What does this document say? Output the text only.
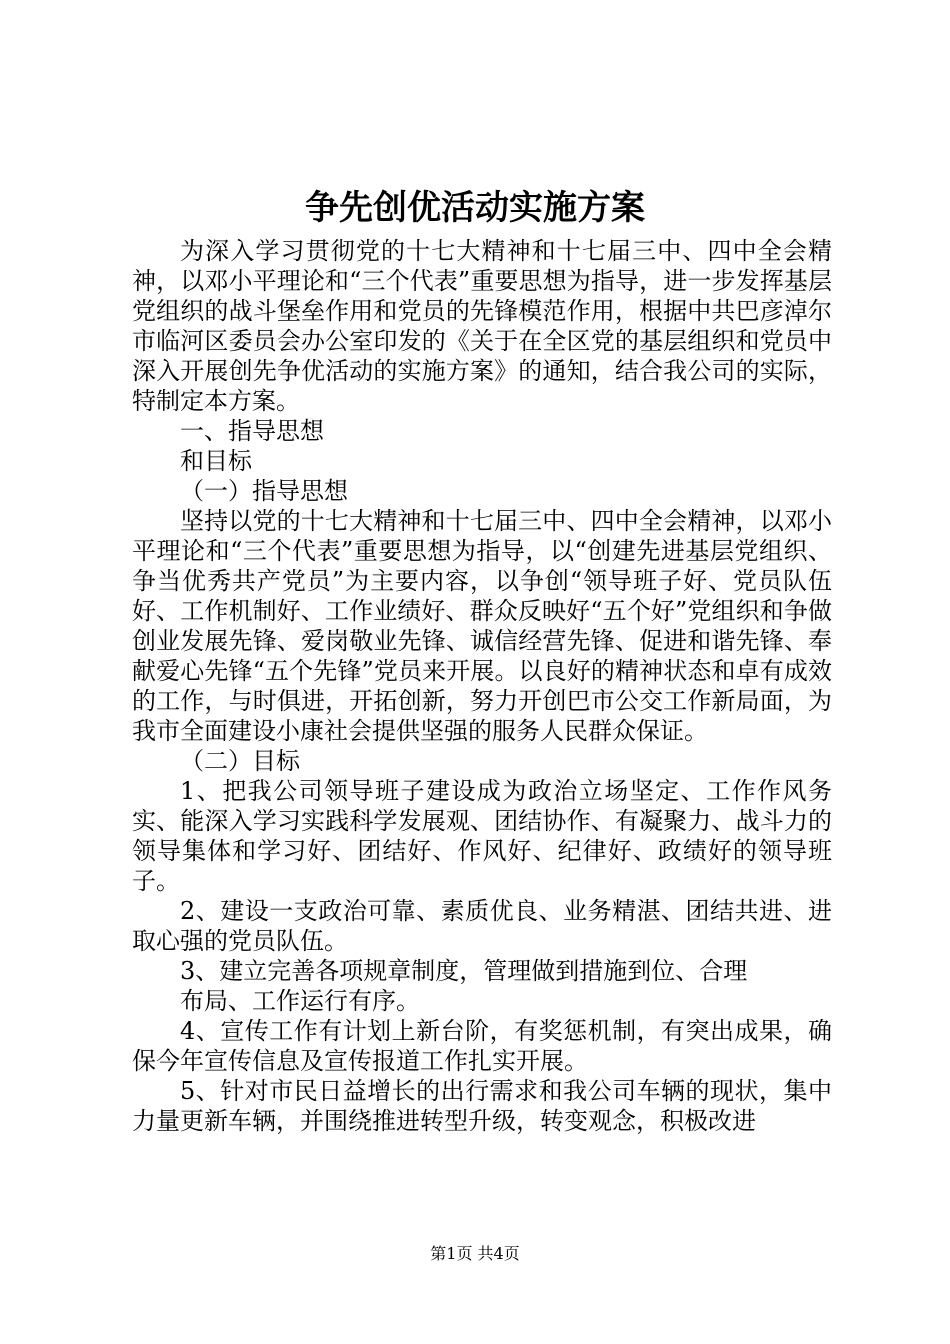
争先创优活动实施方案

为深入学习贯彻党的十七大精神和十七届三中、四中全会精神，以邓小平理论和“三个代表”重要思想为指导，进一步发挥基层党组织的战斗堡垒作用和党员的先锋模范作用，根据中共巴彦淖尔市临河区委员会办公室印发的《关于在全区党的基层组织和党员中深入开展创先争优活动的实施方案》的通知，结合我公司的实际，特制定本方案。

一、指导思想

和目标

（一）指导思想

坚持以党的十七大精神和十七届三中、四中全会精神，以邓小平理论和“三个代表”重要思想为指导，以“创建先进基层党组织、争当优秀共产党员”为主要内容，以争创“领导班子好、党员队伍好、工作机制好、工作业绩好、群众反映好“五个好”党组织和争做创业发展先锋、爱岗敬业先锋、诚信经营先锋、促进和谐先锋、奉献爱心先锋“五个先锋”党员来开展。以良好的精神状态和卓有成效的工作，与时俱进，开拓创新，努力开创巴市公交工作新局面，为我市全面建设小康社会提供坚强的服务人民群众保证。

（二）目标

1、把我公司领导班子建设成为政治立场坚定、工作作风务实、能深入学习实践科学发展观、团结协作、有凝聚力、战斗力的领导集体和学习好、团结好、作风好、纪律好、政绩好的领导班子。

2、建设一支政治可靠、素质优良、业务精湛、团结共进、进取心强的党员队伍。

3、建立完善各项规章制度，管理做到措施到位、合理

布局、工作运行有序。

4、宣传工作有计划上新台阶，有奖惩机制，有突出成果，确保今年宣传信息及宣传报道工作扎实开展。

5、针对市民日益增长的出行需求和我公司车辆的现状，集中力量更新车辆，并围绕推进转型升级，转变观念，积极改进

第1页 共4页
